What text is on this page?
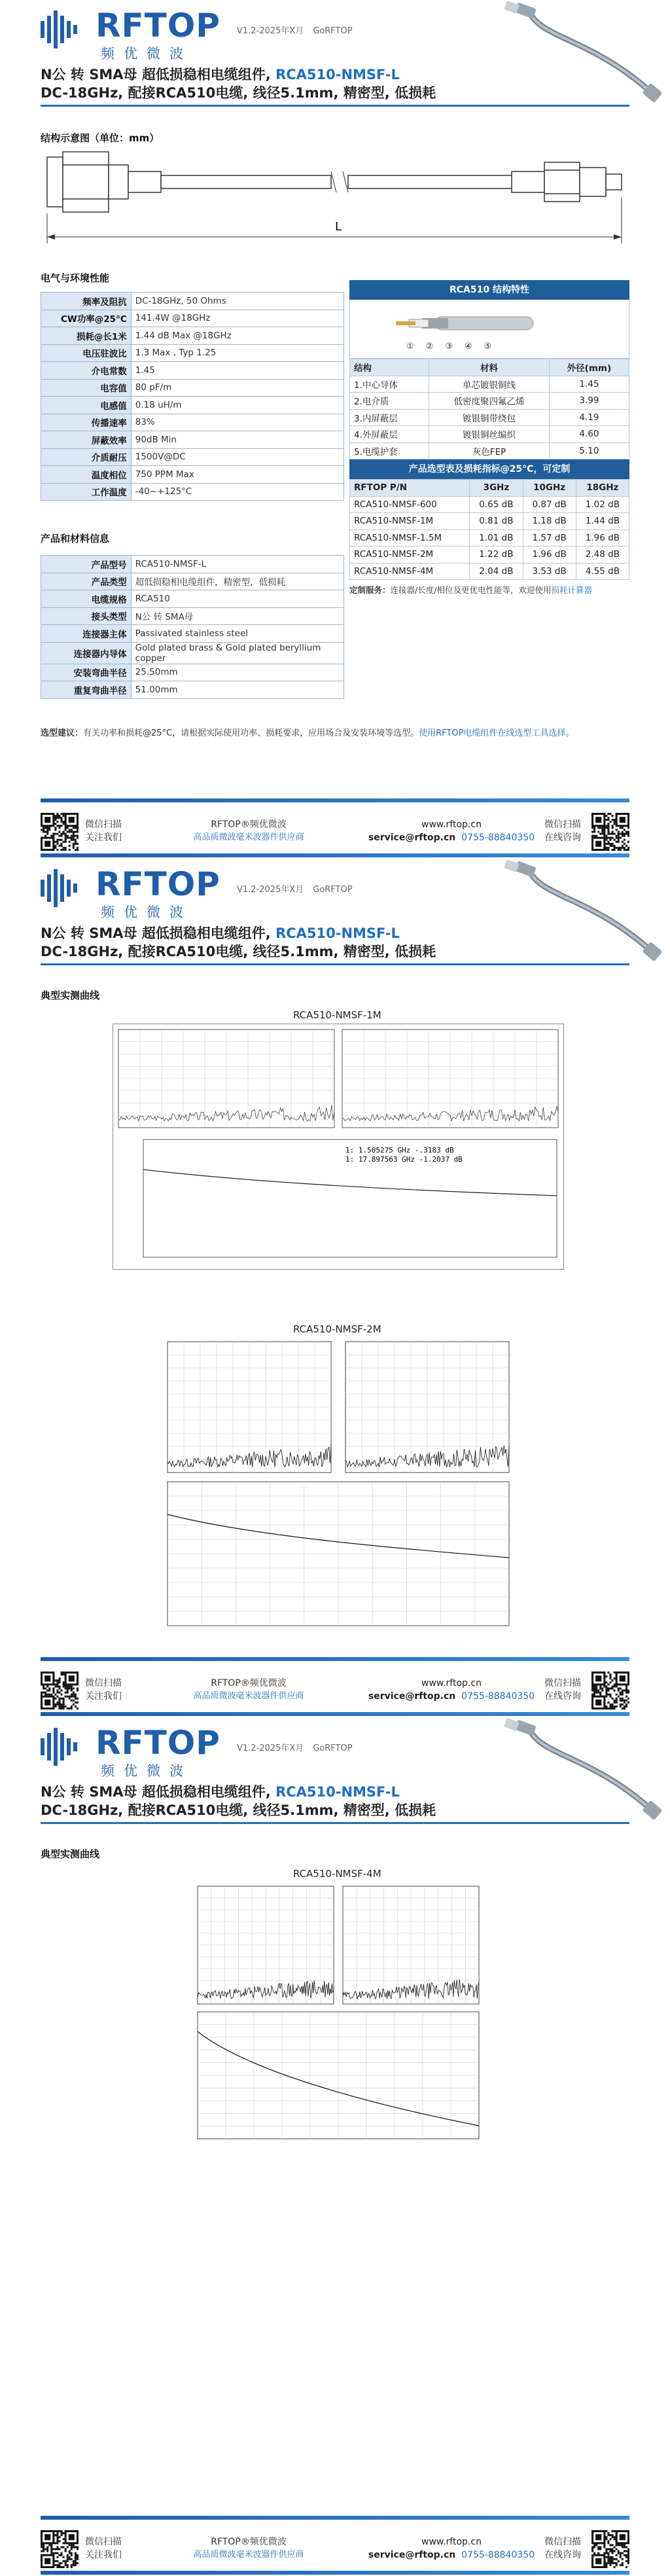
RFTOP
频优微波
V1.2-2025年X月 GoRFTOP
N公 转 SMA母 超低损稳相电缆组件, RCA510-NMSF-L
DC-18GHz, 配接RCA510电缆, 线径5.1mm, 精密型, 低损耗
结构示意图（单位：mm）
L
电气与环境性能
频率及阻抗	DC-18GHz, 50 Ohms
CW功率@25°C	141.4W @18GHz
损耗@长1米	1.44 dB Max @18GHz
电压驻波比	1.3 Max , Typ 1.25
介电常数	1.45
电容值	80 pF/m
电感值	0.18 uH/m
传播速率	83%
屏蔽效率	90dB Min
介质耐压	1500V@DC
温度相位	750 PPM Max
工作温度	-40~+125°C
产品和材料信息
产品型号	RCA510-NMSF-L
产品类型	超低损稳相电缆组件，精密型，低损耗
电缆规格	RCA510
接头类型	N公 转 SMA母
连接器主体	Passivated stainless steel
连接器内导体	Gold plated brass & Gold plated beryllium copper
安装弯曲半径	25.50mm
重复弯曲半径	51.00mm
选型建议：有关功率和损耗@25°C，请根据实际使用功率、损耗要求，应用场合及安装环境等选型。使用RFTOP电缆组件在线选型工具选择。
RCA510 结构特性
① ② ③ ④ ⑤
结构	材料	外径(mm)
1.中心导体	单芯镀银铜线	1.45
2.电介质	低密度聚四氟乙烯	3.99
3.内屏蔽层	镀银铜带绕包	4.19
4.外屏蔽层	镀银铜丝编织	4.60
5.电缆护套	灰色FEP	5.10
产品选型表及损耗指标@25°C，可定制
RFTOP P/N	3GHz	10GHz	18GHz
RCA510-NMSF-600	0.65 dB	0.87 dB	1.02 dB
RCA510-NMSF-1M	0.81 dB	1.18 dB	1.44 dB
RCA510-NMSF-1.5M	1.01 dB	1.57 dB	1.96 dB
RCA510-NMSF-2M	1.22 dB	1.96 dB	2.48 dB
RCA510-NMSF-4M	2.04 dB	3.53 dB	4.55 dB
定制服务：连接器/长度/相位及更优电性能等，欢迎使用损耗计算器
微信扫描
关注我们
RFTOP®频优微波
高品质微波毫米波器件供应商
www.rftop.cn
service@rftop.cn 0755-88840350
微信扫描
在线咨询
RFTOP
频优微波
V1.2-2025年X月 GoRFTOP
N公 转 SMA母 超低损稳相电缆组件, RCA510-NMSF-L
DC-18GHz, 配接RCA510电缆, 线径5.1mm, 精密型, 低损耗
典型实测曲线
RCA510-NMSF-1M
1: 1.505275 GHz -.3183 dB
1: 17.897563 GHz -1.2037 dB
RCA510-NMSF-2M
微信扫描
关注我们
RFTOP®频优微波
高品质微波毫米波器件供应商
www.rftop.cn
service@rftop.cn 0755-88840350
微信扫描
在线咨询
RFTOP
频优微波
V1.2-2025年X月 GoRFTOP
N公 转 SMA母 超低损稳相电缆组件, RCA510-NMSF-L
DC-18GHz, 配接RCA510电缆, 线径5.1mm, 精密型, 低损耗
典型实测曲线
RCA510-NMSF-4M
微信扫描
关注我们
RFTOP®频优微波
高品质微波毫米波器件供应商
www.rftop.cn
service@rftop.cn 0755-88840350
微信扫描
在线咨询
